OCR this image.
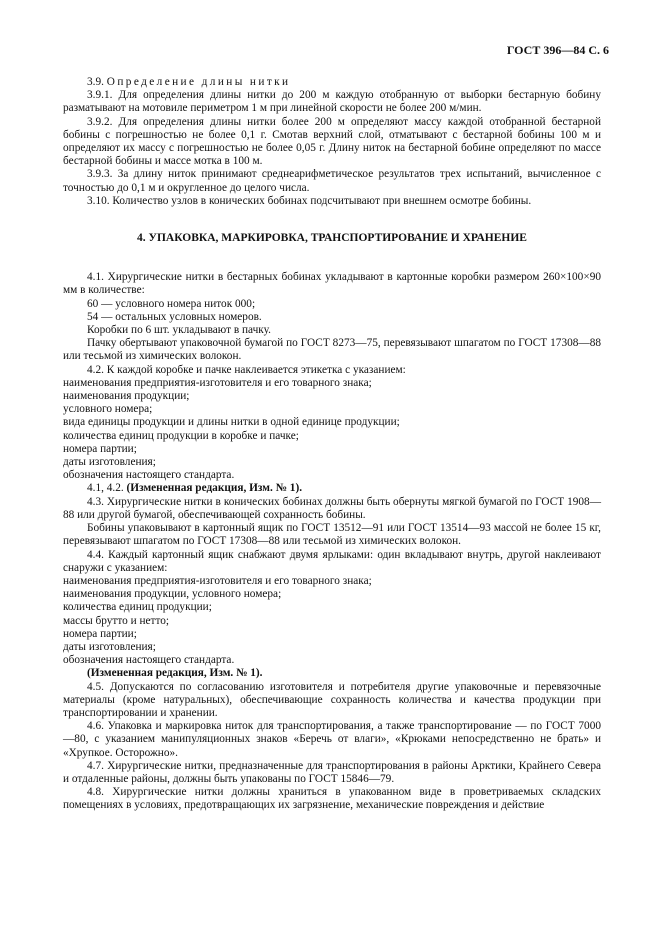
ГОСТ 396—84 С. 6

3.9. Определение длины нитки

3.9.1. Для определения длины нитки до 200 м каждую отобранную от выборки бестарную бобину разматывают на мотовиле периметром 1 м при линейной скорости не более 200 м/мин.

3.9.2. Для определения длины нитки более 200 м определяют массу каждой отобранной бестарной бобины с погрешностью не более 0,1 г. Смотав верхний слой, отматывают с бестарной бобины 100 м и определяют их массу с погрешностью не более 0,05 г. Длину ниток на бестарной бобине определяют по массе бестарной бобины и массе мотка в 100 м.

3.9.3. За длину ниток принимают среднеарифметическое результатов трех испытаний, вычисленное с точностью до 0,1 м и округленное до целого числа.

3.10. Количество узлов в конических бобинах подсчитывают при внешнем осмотре бобины.

4. УПАКОВКА, МАРКИРОВКА, ТРАНСПОРТИРОВАНИЕ И ХРАНЕНИЕ

4.1. Хирургические нитки в бестарных бобинах укладывают в картонные коробки размером 260×100×90 мм в количестве:

60 — условного номера ниток 000;

54 — остальных условных номеров.

Коробки по 6 шт. укладывают в пачку.

Пачку обертывают упаковочной бумагой по ГОСТ 8273—75, перевязывают шпагатом по ГОСТ 17308—88 или тесьмой из химических волокон.

4.2. К каждой коробке и пачке наклеивается этикетка с указанием:

наименования предприятия-изготовителя и его товарного знака;

наименования продукции;

условного номера;

вида единицы продукции и длины нитки в одной единице продукции;

количества единиц продукции в коробке и пачке;

номера партии;

даты изготовления;

обозначения настоящего стандарта.

4.1, 4.2. (Измененная редакция, Изм. № 1).

4.3. Хирургические нитки в конических бобинах должны быть обернуты мягкой бумагой по ГОСТ 1908—88 или другой бумагой, обеспечивающей сохранность бобины.

Бобины упаковывают в картонный ящик по ГОСТ 13512—91 или ГОСТ 13514—93 массой не более 15 кг, перевязывают шпагатом по ГОСТ 17308—88 или тесьмой из химических волокон.

4.4. Каждый картонный ящик снабжают двумя ярлыками: один вкладывают внутрь, другой наклеивают снаружи с указанием:

наименования предприятия-изготовителя и его товарного знака;

наименования продукции, условного номера;

количества единиц продукции;

массы брутто и нетто;

номера партии;

даты изготовления;

обозначения настоящего стандарта.

(Измененная редакция, Изм. № 1).

4.5. Допускаются по согласованию изготовителя и потребителя другие упаковочные и перевязочные материалы (кроме натуральных), обеспечивающие сохранность количества и качества продукции при транспортировании и хранении.

4.6. Упаковка и маркировка ниток для транспортирования, а также транспортирование — по ГОСТ 7000—80, с указанием манипуляционных знаков «Беречь от влаги», «Крюками непосредственно не брать» и «Хрупкое. Осторожно».

4.7. Хирургические нитки, предназначенные для транспортирования в районы Арктики, Крайнего Севера и отдаленные районы, должны быть упакованы по ГОСТ 15846—79.

4.8. Хирургические нитки должны храниться в упакованном виде в проветриваемых складских помещениях в условиях, предотвращающих их загрязнение, механические повреждения и действие
